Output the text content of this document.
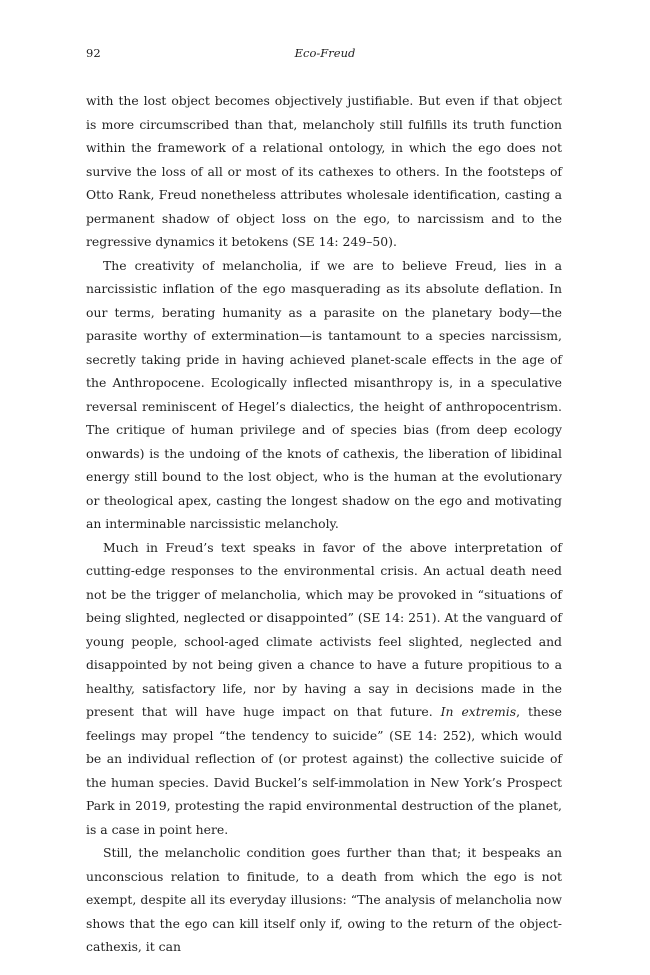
92	Eco-Freud

with the lost object becomes objectively justifiable. But even if that object is more circumscribed than that, melancholy still fulfills its truth function within the framework of a relational ontology, in which the ego does not survive the loss of all or most of its cathexes to others. In the footsteps of Otto Rank, Freud nonetheless attributes wholesale identification, casting a permanent shadow of object loss on the ego, to narcissism and to the regressive dynamics it betokens (SE 14: 249–50).

The creativity of melancholia, if we are to believe Freud, lies in a narcissistic inflation of the ego masquerading as its absolute deflation. In our terms, berating humanity as a parasite on the planetary body—the parasite worthy of extermination—is tantamount to a species narcissism, secretly taking pride in having achieved planet-scale effects in the age of the Anthropocene. Ecologically inflected misanthropy is, in a speculative reversal reminiscent of Hegel’s dialectics, the height of anthropocentrism. The critique of human privilege and of species bias (from deep ecology onwards) is the undoing of the knots of cathexis, the liberation of libidinal energy still bound to the lost object, who is the human at the evolutionary or theological apex, casting the longest shadow on the ego and motivating an interminable narcissistic melancholy.

Much in Freud’s text speaks in favor of the above interpretation of cutting-edge responses to the environmental crisis. An actual death need not be the trigger of melancholia, which may be provoked in “situations of being slighted, neglected or disappointed” (SE 14: 251). At the vanguard of young people, school-aged climate activists feel slighted, neglected and disappointed by not being given a chance to have a future propitious to a healthy, satisfactory life, nor by having a say in decisions made in the present that will have huge impact on that future. In extremis, these feelings may propel “the tendency to suicide” (SE 14: 252), which would be an individual reflection of (or protest against) the collective suicide of the human species. David Buckel’s self-immolation in New York’s Prospect Park in 2019, protesting the rapid environmental destruction of the planet, is a case in point here.

Still, the melancholic condition goes further than that; it bespeaks an unconscious relation to finitude, to a death from which the ego is not exempt, despite all its everyday illusions: “The analysis of melancholia now shows that the ego can kill itself only if, owing to the return of the object-cathexis, it can
